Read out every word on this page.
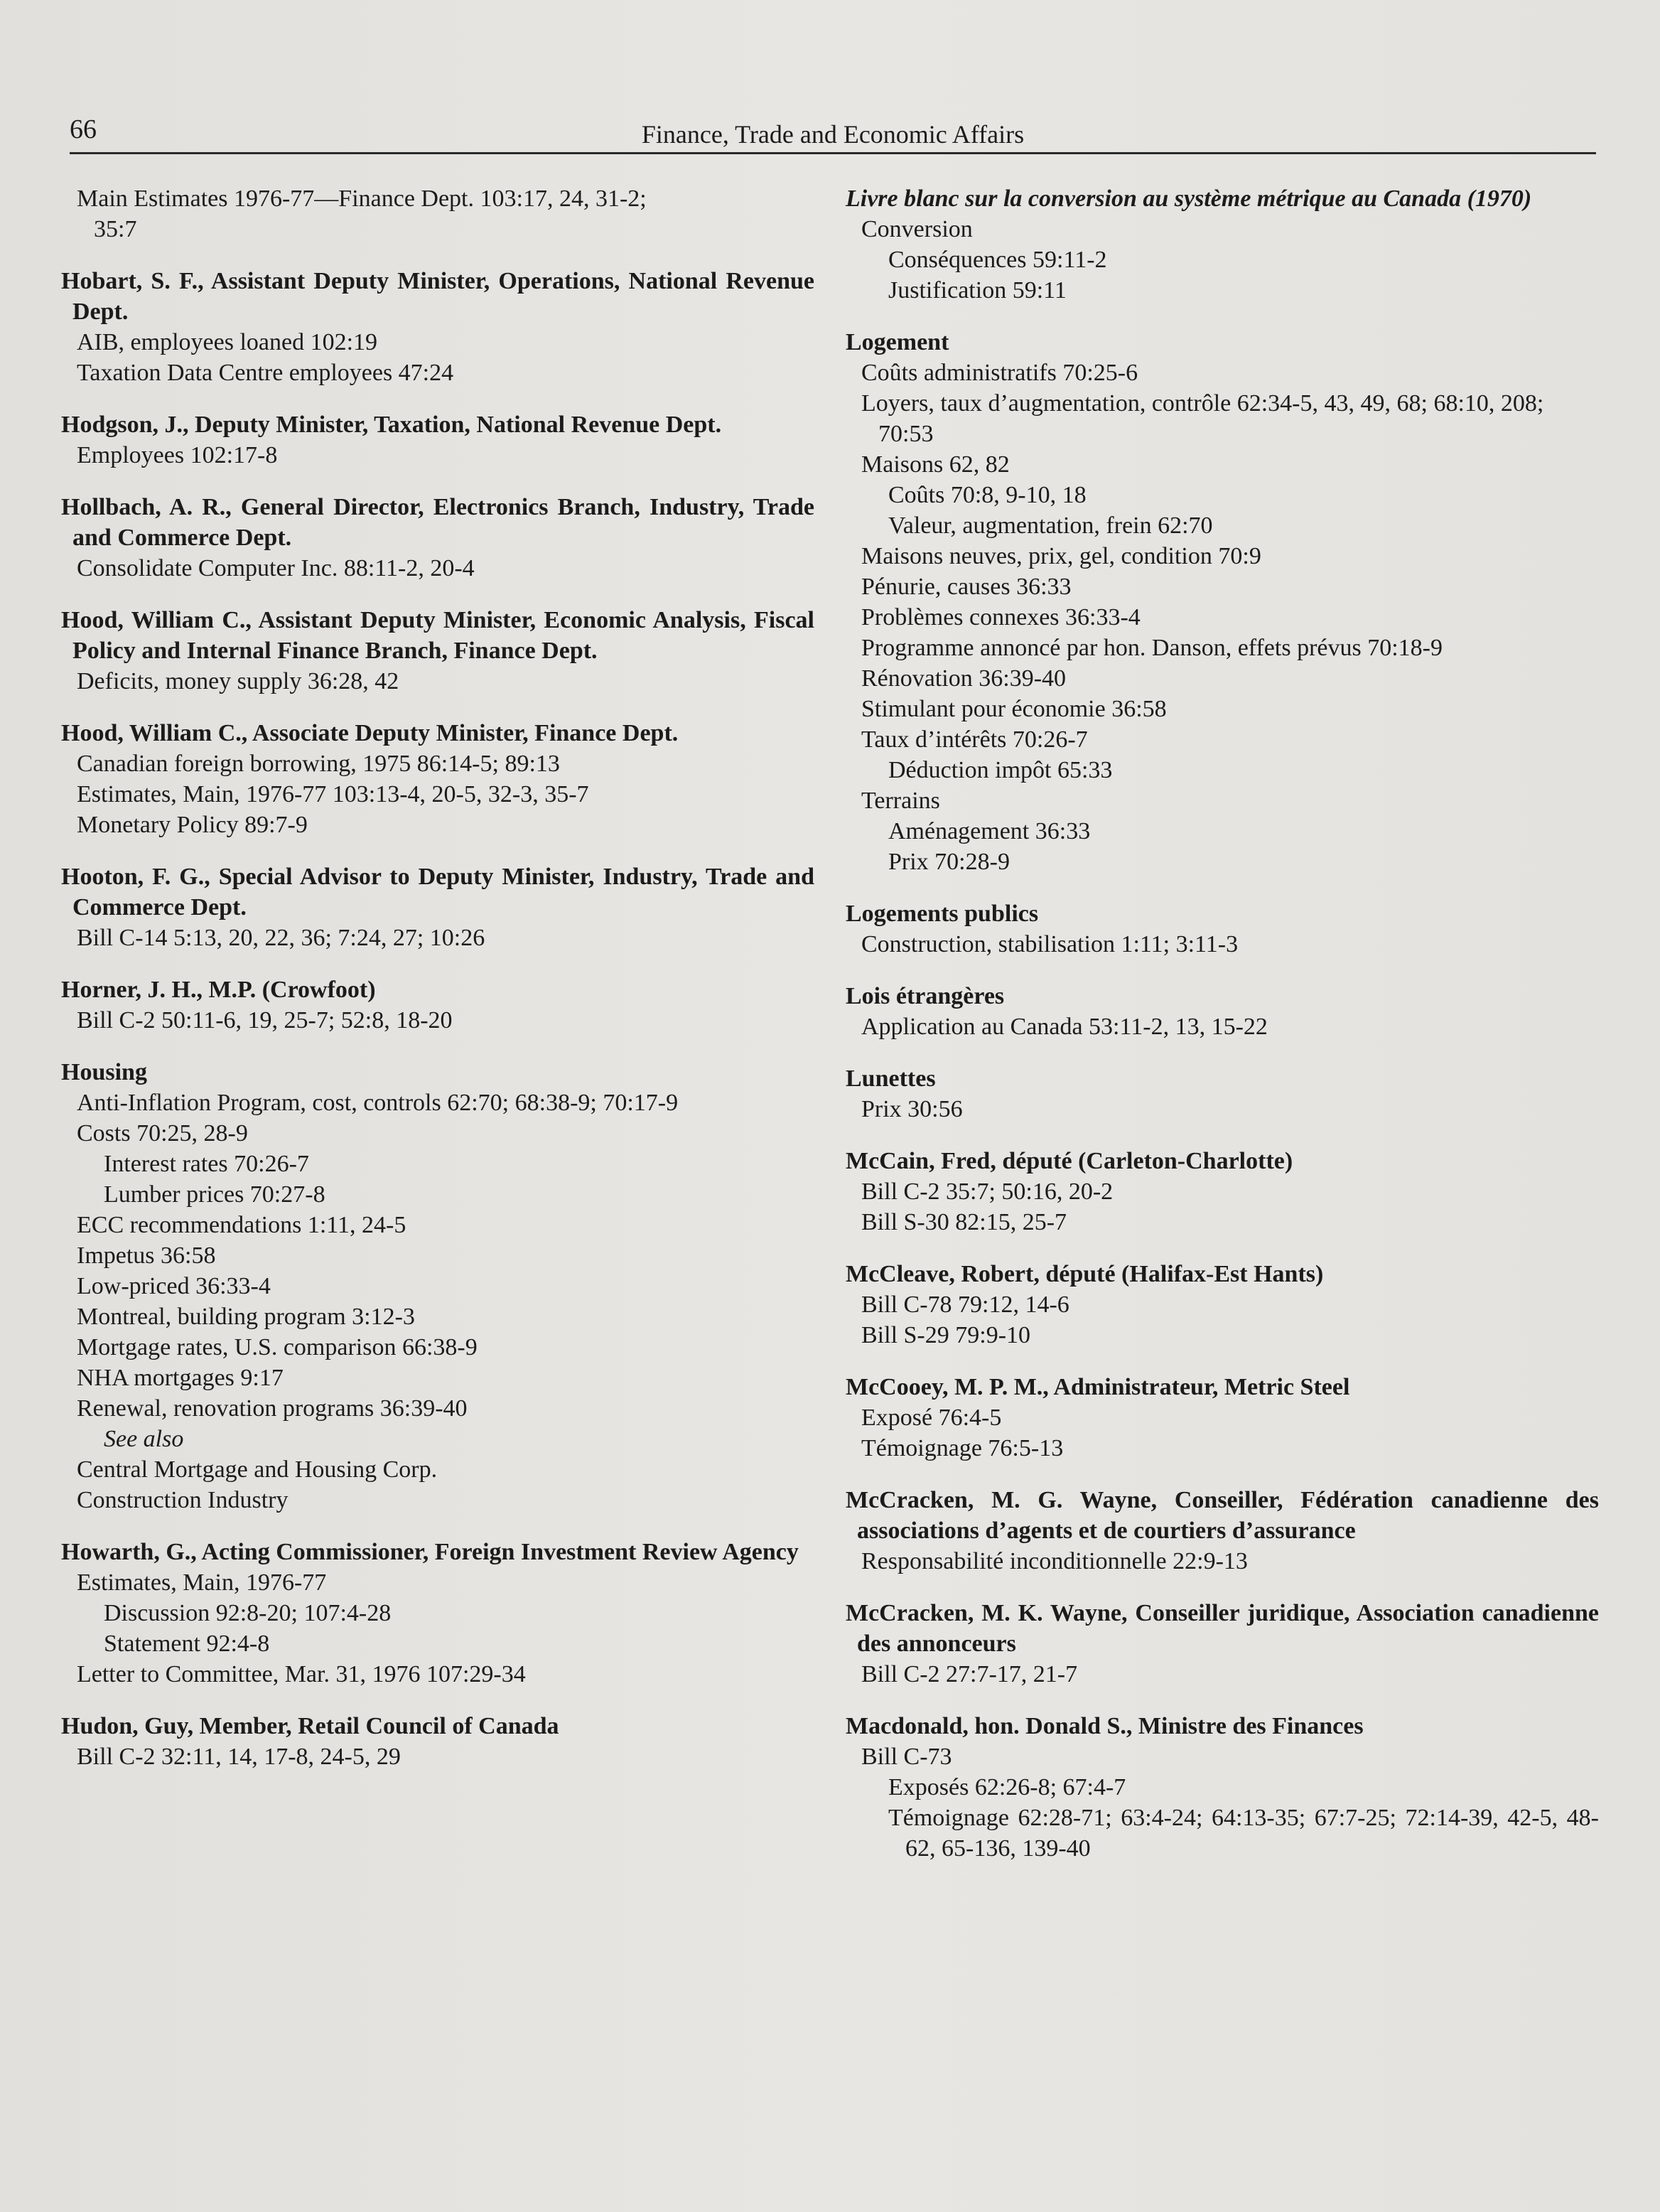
66	Finance, Trade and Economic Affairs
Main Estimates 1976-77—Finance Dept. 103:17, 24, 31-2;
35:7
Hobart, S. F., Assistant Deputy Minister, Operations, National Revenue Dept.
AIB, employees loaned 102:19
Taxation Data Centre employees 47:24
Hodgson, J., Deputy Minister, Taxation, National Revenue Dept.
Employees 102:17-8
Hollbach, A. R., General Director, Electronics Branch, Industry, Trade and Commerce Dept.
Consolidate Computer Inc. 88:11-2, 20-4
Hood, William C., Assistant Deputy Minister, Economic Analysis, Fiscal Policy and Internal Finance Branch, Finance Dept.
Deficits, money supply 36:28, 42
Hood, William C., Associate Deputy Minister, Finance Dept.
Canadian foreign borrowing, 1975 86:14-5; 89:13
Estimates, Main, 1976-77 103:13-4, 20-5, 32-3, 35-7
Monetary Policy 89:7-9
Hooton, F. G., Special Advisor to Deputy Minister, Industry, Trade and Commerce Dept.
Bill C-14 5:13, 20, 22, 36; 7:24, 27; 10:26
Horner, J. H., M.P. (Crowfoot)
Bill C-2 50:11-6, 19, 25-7; 52:8, 18-20
Housing
Anti-Inflation Program, cost, controls 62:70; 68:38-9; 70:17-9
Costs 70:25, 28-9
Interest rates 70:26-7
Lumber prices 70:27-8
ECC recommendations 1:11, 24-5
Impetus 36:58
Low-priced 36:33-4
Montreal, building program 3:12-3
Mortgage rates, U.S. comparison 66:38-9
NHA mortgages 9:17
Renewal, renovation programs 36:39-40
See also
Central Mortgage and Housing Corp.
Construction Industry
Howarth, G., Acting Commissioner, Foreign Investment Review Agency
Estimates, Main, 1976-77
Discussion 92:8-20; 107:4-28
Statement 92:4-8
Letter to Committee, Mar. 31, 1976 107:29-34
Hudon, Guy, Member, Retail Council of Canada
Bill C-2 32:11, 14, 17-8, 24-5, 29
Livre blanc sur la conversion au système métrique au Canada (1970)
Conversion
Conséquences 59:11-2
Justification 59:11
Logement
Coûts administratifs 70:25-6
Loyers, taux d’augmentation, contrôle 62:34-5, 43, 49, 68; 68:10, 208; 70:53
Maisons 62, 82
Coûts 70:8, 9-10, 18
Valeur, augmentation, frein 62:70
Maisons neuves, prix, gel, condition 70:9
Pénurie, causes 36:33
Problèmes connexes 36:33-4
Programme annoncé par hon. Danson, effets prévus 70:18-9
Rénovation 36:39-40
Stimulant pour économie 36:58
Taux d’intérêts 70:26-7
Déduction impôt 65:33
Terrains
Aménagement 36:33
Prix 70:28-9
Logements publics
Construction, stabilisation 1:11; 3:11-3
Lois étrangères
Application au Canada 53:11-2, 13, 15-22
Lunettes
Prix 30:56
McCain, Fred, député (Carleton-Charlotte)
Bill C-2 35:7; 50:16, 20-2
Bill S-30 82:15, 25-7
McCleave, Robert, député (Halifax-Est Hants)
Bill C-78 79:12, 14-6
Bill S-29 79:9-10
McCooey, M. P. M., Administrateur, Metric Steel
Exposé 76:4-5
Témoignage 76:5-13
McCracken, M. G. Wayne, Conseiller, Fédération canadienne des associations d’agents et de courtiers d’assurance
Responsabilité inconditionnelle 22:9-13
McCracken, M. K. Wayne, Conseiller juridique, Association canadienne des annonceurs
Bill C-2 27:7-17, 21-7
Macdonald, hon. Donald S., Ministre des Finances
Bill C-73
Exposés 62:26-8; 67:4-7
Témoignage 62:28-71; 63:4-24; 64:13-35; 67:7-25; 72:14-39, 42-5, 48-62, 65-136, 139-40
